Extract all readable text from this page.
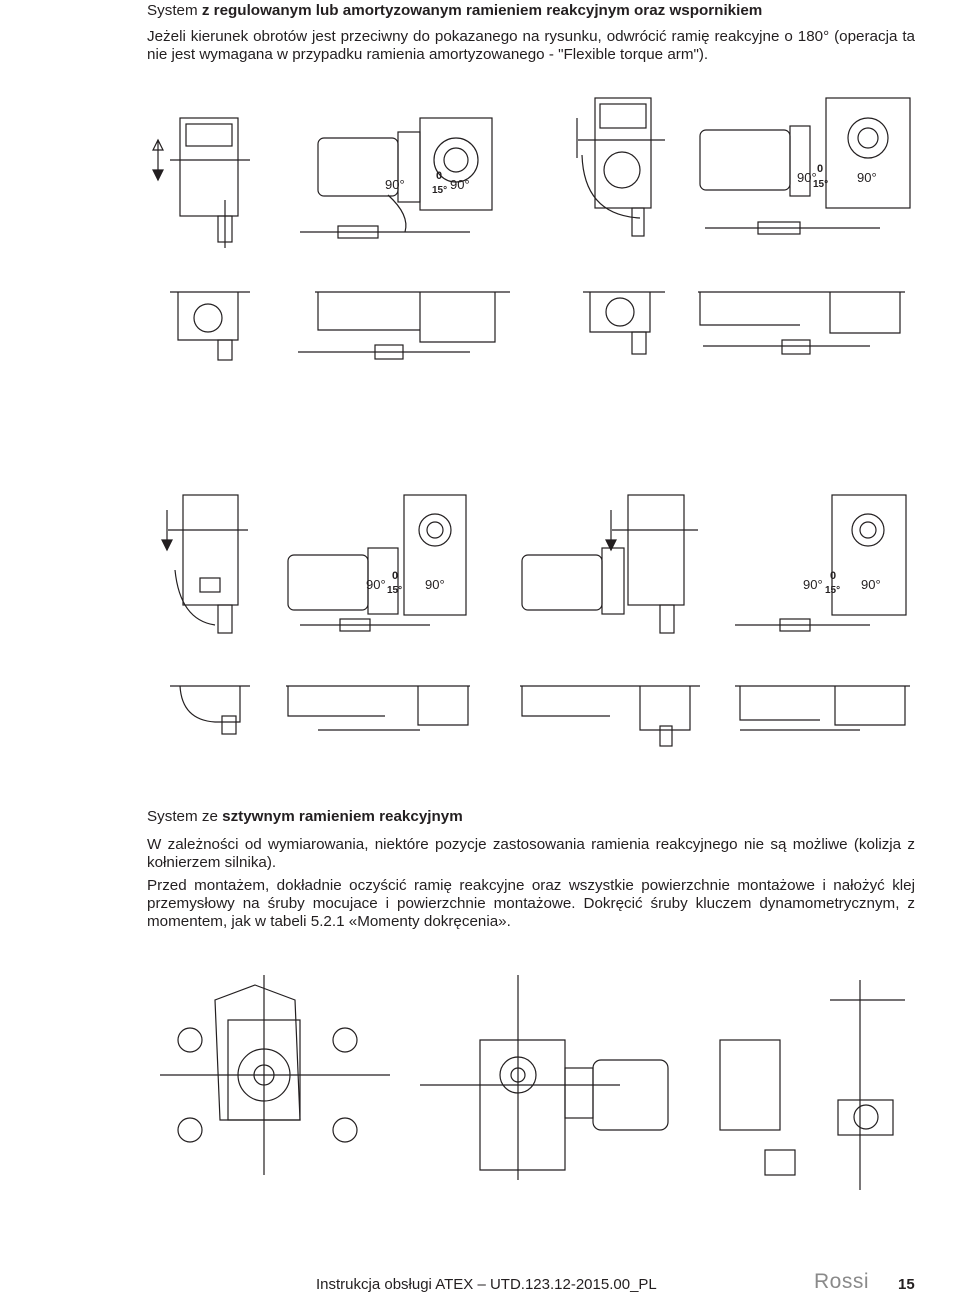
System z regulowanym lub amortyzowanym ramieniem reakcyjnym oraz wspornikiem
Jeżeli kierunek obrotów jest przeciwny do pokazanego na rysunku, odwrócić ramię reakcyjne o 180° (operacja ta nie jest wymagana w przypadku ramienia amortyzowanego - "Flexible torque arm").
90°	90°
0
15°
90°	90°
0
15°
90°	90°
0
15°	90°	90°
0
15°
System ze sztywnym ramieniem reakcyjnym
W zależności od wymiarowania, niektóre pozycje zastosowania ramienia reakcyjnego nie są możliwe (kolizja z kołnierzem silnika).
Przed montażem, dokładnie oczyścić ramię reakcyjne oraz wszystkie powierzchnie montażowe i nałożyć klej przemysłowy na śruby mocujace i powierzchnie montażowe. Dokręcić śruby kluczem dynamometrycznym, z momentem, jak w tabeli 5.2.1 «Momenty dokręcenia».
Instrukcja obsługi ATEX – UTD.123.12-2015.00_PL	Rossi 15
